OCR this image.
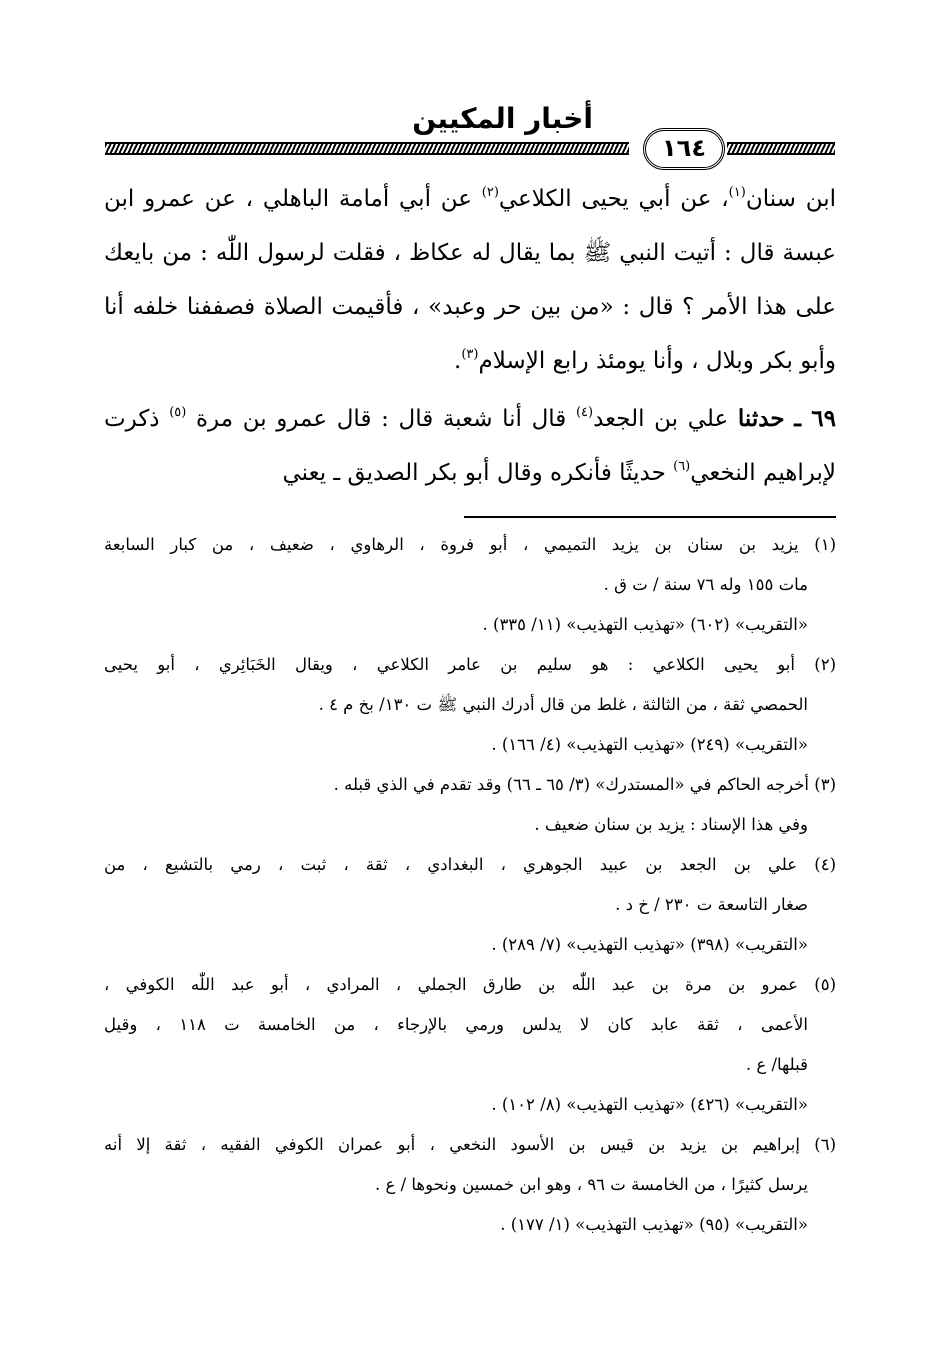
أخبار المكيين
١٦٤

ابن سنان$^{(١)}$، عن أبي يحيى الكلاعي$^{(٢)}$ عن أبي أمامة الباهلي ، عن عمرو ابن عبسة قال : أتيت النبي ﷺ بما يقال له عكاظ ، فقلت لرسول اللّٰه : من بايعك على هذا الأمر ؟ قال : «من بين حر وعبد» ، فأقيمت الصلاة فصففنا خلفه أنا وأبو بكر وبلال ، وأنا يومئذ رابع الإسلام$^{(٣)}$.

٦٩ ـ حدثنا علي بن الجعد$^{(٤)}$ قال أنا شعبة قال : قال عمرو بن مرة $^{(٥)}$ ذكرت لإبراهيم النخعي$^{(٦)}$ حديثًا فأنكره وقال أبو بكر الصديق ـ يعني

(١) يزيد بن سنان بن يزيد التميمي ، أبو فروة ، الرهاوي ، ضعيف ، من كبار السابعة

مات ١٥٥ وله ٧٦ سنة / ت ق .

«التقريب» (٦٠٢) «تهذيب التهذيب» (١١/ ٣٣٥) .

(٢) أبو يحيى الكلاعي : هو سليم بن عامر الكلاعي ، ويقال الخَبَائِري ، أبو يحيى

الحمصي ثقة ، من الثالثة ، غلط من قال أدرك النبي ﷺ ت ١٣٠/ بخ م ٤ .

«التقريب» (٢٤٩) «تهذيب التهذيب» (٤/ ١٦٦) .

(٣) أخرجه الحاكم في «المستدرك» (٣/ ٦٥ ـ ٦٦) وقد تقدم في الذي قبله .

وفي هذا الإسناد : يزيد بن سنان ضعيف .

(٤) علي بن الجعد بن عبيد الجوهري ، البغدادي ، ثقة ، ثبت ، رمي بالتشيع ، من

صغار التاسعة ت ٢٣٠ / خ د .

«التقريب» (٣٩٨) «تهذيب التهذيب» (٧/ ٢٨٩) .

(٥) عمرو بن مرة بن عبد اللّٰه بن طارق الجملي ، المرادي ، أبو عبد اللّٰه الكوفي ،

الأعمى ، ثقة عابد كان لا يدلس ورمي بالإرجاء ، من الخامسة ت ١١٨ ، وقيل

قبلها/ ع .

«التقريب» (٤٢٦) «تهذيب التهذيب» (٨/ ١٠٢) .

(٦) إبراهيم بن يزيد بن قيس بن الأسود النخعي ، أبو عمران الكوفي الفقيه ، ثقة إلا أنه

يرسل كثيرًا ، من الخامسة ت ٩٦ ، وهو ابن خمسين ونحوها / ع .

«التقريب» (٩٥) «تهذيب التهذيب» (١/ ١٧٧) .
